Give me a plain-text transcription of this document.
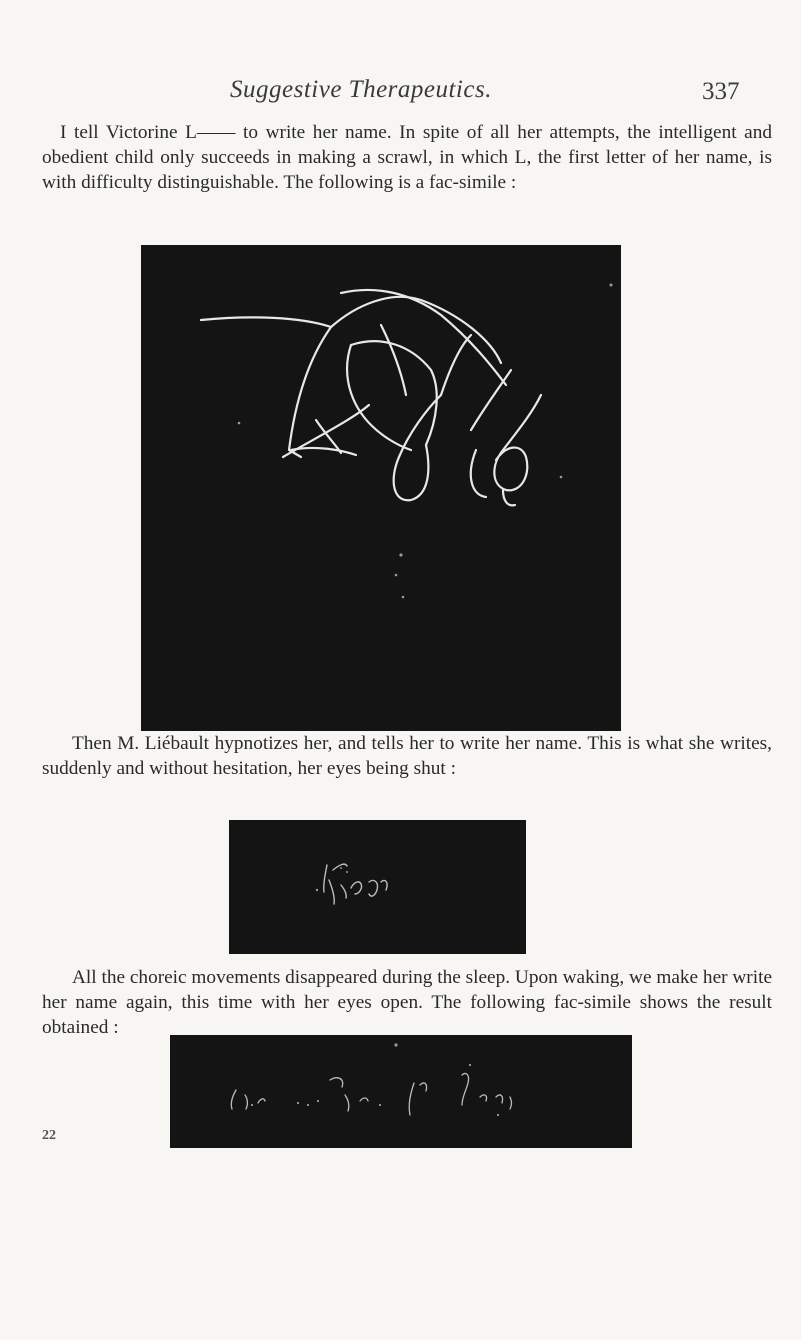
Suggestive Therapeutics.	337

I tell Victorine L—— to write her name. In spite of all her attempts, the intelligent and obedient child only succeeds in making a scrawl, in which L, the first letter of her name, is with difficulty distinguishable. The following is a fac-simile :

Then M. Liébault hypnotizes her, and tells her to write her name. This is what she writes, suddenly and without hesitation, her eyes being shut :

All the choreic movements disappeared during the sleep. Upon waking, we make her write her name again, this time with her eyes open. The following fac-simile shows the result obtained :

22
